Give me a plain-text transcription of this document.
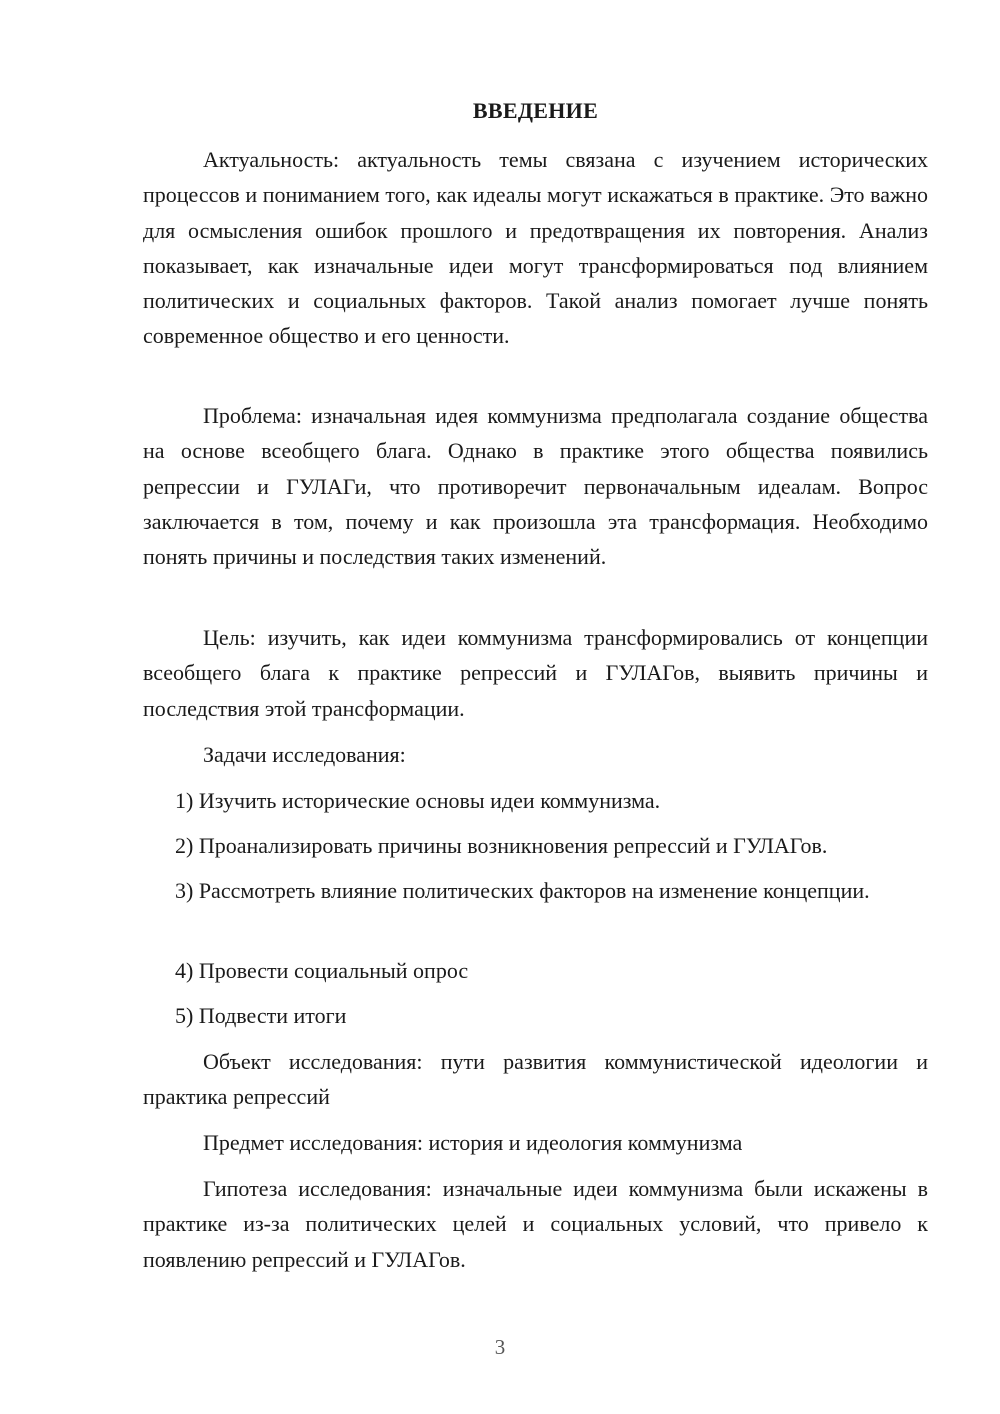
ВВЕДЕНИЕ

Актуальность: актуальность темы связана с изучением исторических процессов и пониманием того, как идеалы могут искажаться в практике. Это важно для осмысления ошибок прошлого и предотвращения их повторения. Анализ показывает, как изначальные идеи могут трансформироваться под влиянием политических и социальных факторов. Такой анализ помогает лучше понять современное общество и его ценности.

Проблема: изначальная идея коммунизма предполагала создание общества на основе всеобщего блага. Однако в практике этого общества появились репрессии и ГУЛАГи, что противоречит первоначальным идеалам. Вопрос заключается в том, почему и как произошла эта трансформация. Необходимо понять причины и последствия таких изменений.

Цель: изучить, как идеи коммунизма трансформировались от концепции всеобщего блага к практике репрессий и ГУЛАГов, выявить причины и последствия этой трансформации.

Задачи исследования:

1) Изучить исторические основы идеи коммунизма.

2) Проанализировать причины возникновения репрессий и ГУЛАГов.

3) Рассмотреть влияние политических факторов на изменение концепции.

4) Провести социальный опрос

5) Подвести итоги

Объект исследования: пути развития коммунистической идеологии и практика репрессий

Предмет исследования: история и идеология коммунизма

Гипотеза исследования: изначальные идеи коммунизма были искажены в практике из-за политических целей и социальных условий, что привело к появлению репрессий и ГУЛАГов.

3
